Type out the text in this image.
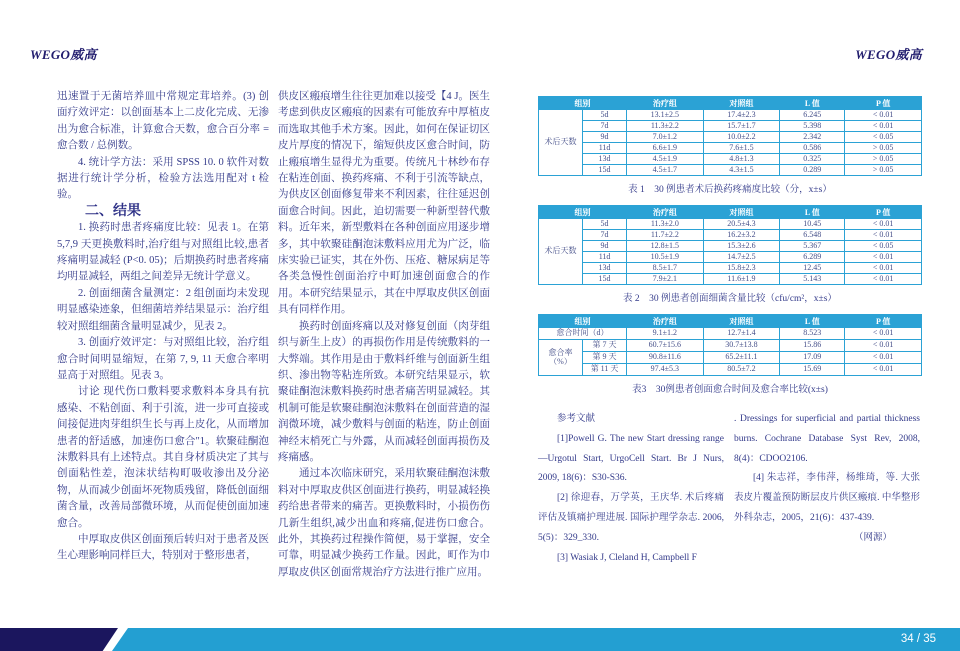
WEGO威高	WEGO威高

迅速置于无菌培养皿中常规定茸培养。(3) 创面疗效评定：以创面基本上二皮化完成、无渗出为愈合标准，计算愈合天数，愈合百分率 = 愈合数 / 总例数。

4. 统计学方法：采用 SPSS 10. 0 软件对数据进行统计学分析，检验方法选用配对 t 检验。

二、结果

1. 换药时患者疼痛度比较：见表 1。在第5,7,9 天更换敷料时,治疗组与对照组比较,患者疼痛明显减轻 (P<0. 05)；后期换药时患者疼痛均明显减轻，两组之间差异无统计学意义。

2. 创面细菌含量测定：2 组创面均未发现明显感染迹象，但细菌培养结果显示：治疗组较对照组细菌含量明显减少，见表 2。

3. 创面疗效评定：与对照组比较，治疗组愈合时间明显缩短，在第 7, 9, 11 天愈合率明显高于对照组。见表 3。

讨论 现代伤口敷料要求敷料本身具有抗感染、不粘创面、利于引流，进一步可直接或间接促进肉芽组织生长与再上皮化，从而增加患者的舒适感，加速伤口愈合"1。软聚硅酮泡沫敷料具有上述特点。其自身材质决定了其与创面粘性差，泡沫状结构町吸收渗出及分泌物，从而减少创面坏死物质残留，降低创面细菌含量，改善局部微环境，从而促使创面加速愈合。

中厚取皮供区创面预后转归对于患者及医生心理影响同样巨大，特别对于整形患者，

供皮区瘢痕增生往往更加难以接受【4 J。医生考虑到供皮区瘢痕的因素有可能放弃中厚植皮而选取其他手术方案。因此，如何在保证切区皮片厚度的情况下，缩短供皮区愈合时间，防止瘢痕增生显得尤为重要。传统凡十林纱布存在粘连创面、换药疼痛、不利于引流等缺点，为供皮区创面修复带来不利因素，往往延迟创面愈合时间。因此，迫切需要一种新型替代敷料。近年来，新型敷料在各种创面应用逐步增多，其中软聚硅酮泡沫敷料应用尤为广泛，临床实验已证实，其在外伤、压疮、糖尿病足等各类急慢性创面治疗中町加速创面愈合的作用。本研究结果显示，其在中厚取皮供区创面具有同样作用。

换药时创面疼痛以及对修复创面（肉芽组织与新生上皮）的再损伤作用是传统敷料的一大弊端。其作用是由于敷料纤维与创面新生组织、渗出物等粘连所致。本研究结果显示，软聚硅酮泡沫敷料换药时患者痛苦明显减轻。其机制可能是软聚硅酮泡沫敷料在创面营造的湿润微环境，减少敷料与创面的粘连，防止创面神经末梢死亡与外露，从而减轻创面再损伤及疼痛感。

通过本次临床研究，采用软聚硅酮泡沫敷料对中厚取皮供区创面进行换药，明显减轻换药给患者带来的痛苦。更换敷料时，小损伤伤几新生组织,减少出血和疼痛,促进伤口愈合。此外，其换药过程操作简便，易于掌握，安全可靠，明显减少换药工作量。因此，町作为巾厚取皮供区创面常规治疗方法进行推广应用。

组别		治疗组	对照组	L 值	P 值
术后天数	5d	13.1±2.5	17.4±2.3	6.245	< 0.01
	7d	11.3±2.2	15.7±1.7	5.398	< 0.01
	9d	7.0±1.2	10.0±2.2	2.342	< 0.05
	11d	6.6±1.9	7.6±1.5	0.586	> 0.05
	13d	4.5±1.9	4.8±1.3	0.325	> 0.05
	15d	4.5±1.7	4.3±1.5	0.289	> 0.05
表 1　30 例患者术后换药疼痛度比较（分，x±s）
组别		治疗组	对照组	L 值	P 值
术后天数	5d	11.3±2.0	20.5±4.3	10.45	< 0.01
	7d	11.7±2.2	16.2±3.2	6.548	< 0.01
	9d	12.8±1.5	15.3±2.6	5.367	< 0.05
	11d	10.5±1.9	14.7±2.5	6.289	< 0.01
	13d	8.5±1.7	15.8±2.3	12.45	< 0.01
	15d	7.9±2.1	11.6±1.9	5.143	< 0.01
表 2　30 例患者创面细菌含量比较（cfu/cm²，x±s）
组别		治疗组	对照组	L 值	P 值
愈合时间（d）		9.1±1.2	12.7±1.4	8.523	< 0.01
愈合率（%）	第 7 天	60.7±15.6	30.7±13.8	15.86	< 0.01
	第 9 天	90.8±11.6	65.2±11.1	17.09	< 0.01
	第 11 天	97.4±5.3	80.5±7.2	15.69	< 0.01
表3　30例患者创面愈合时间及愈合率比较(x±s)

参考文献

[1]Powell G. The new Start dressing range—Urgotul Start, UrgoCell Start. Br J Nurs, 2009, 18(6)：S30-S36.

[2] 徐迎春，万学英，王庆华. 术后疼痛评估及镇痛护理进展. 国际护理学杂志. 2006, 5(5)：329_330.

[3] Wasiak J, Cleland H, Campbell F

. Dressings for superficial and partial thickness burns. Cochrane Database Syst Rev, 2008, 8(4)：CDOO2106.

[4] 朱志祥，李伟萍，杨维琦，等. 大张表皮片覆盖预防断层皮片供区瘢痕. 中华整形外科杂志，2005，21(6)：437-439.

（网源）

34 / 35
